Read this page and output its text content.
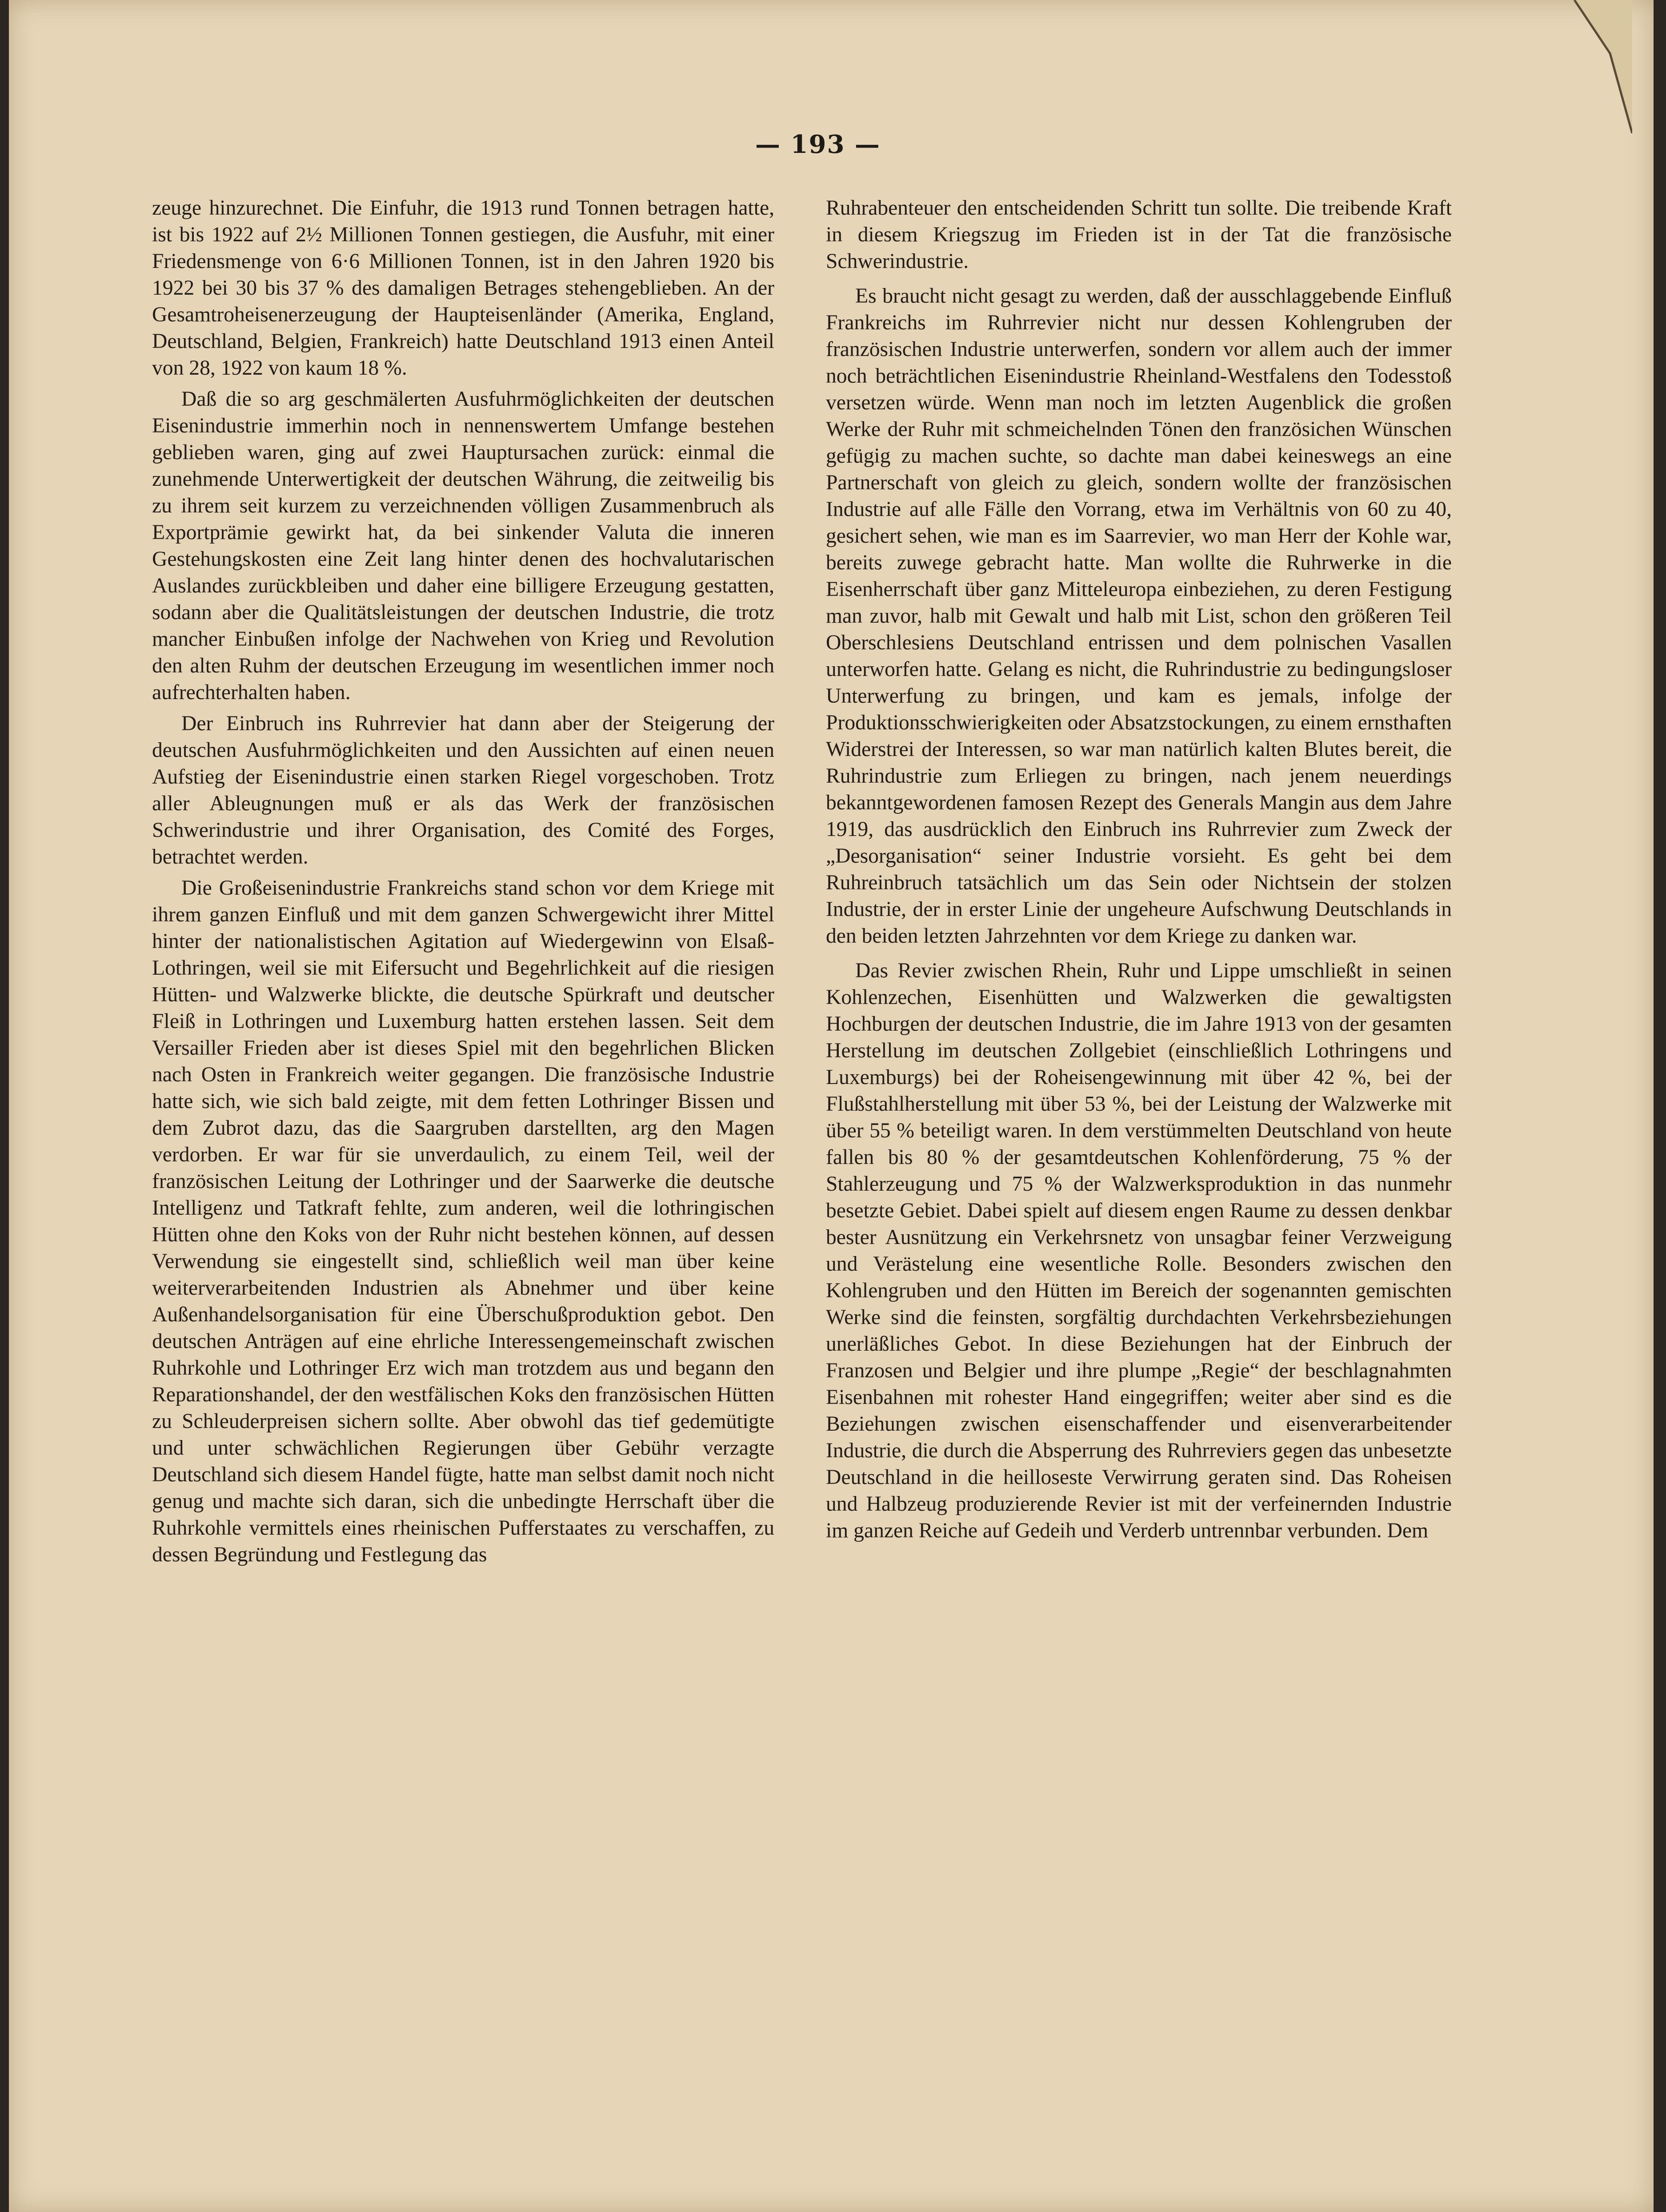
— 193 —

zeuge hinzurechnet. Die Einfuhr, die 1913 rund Tonnen betragen hatte, ist bis 1922 auf 2½ Millionen Tonnen gestiegen, die Ausfuhr, mit einer Friedensmenge von 6·6 Millionen Tonnen, ist in den Jahren 1920 bis 1922 bei 30 bis 37 % des damaligen Betrages stehengeblieben. An der Gesamtroheisenerzeugung der Haupteisenländer (Amerika, England, Deutschland, Belgien, Frankreich) hatte Deutschland 1913 einen Anteil von 28, 1922 von kaum 18 %.

Daß die so arg geschmälerten Ausfuhrmöglichkeiten der deutschen Eisenindustrie immerhin noch in nennenswertem Umfange bestehen geblieben waren, ging auf zwei Hauptursachen zurück: einmal die zunehmende Unterwertigkeit der deutschen Währung, die zeitweilig bis zu ihrem seit kurzem zu verzeichnenden völligen Zusammenbruch als Exportprämie gewirkt hat, da bei sinkender Valuta die inneren Gestehungskosten eine Zeit lang hinter denen des hochvalutarischen Auslandes zurückbleiben und daher eine billigere Erzeugung gestatten, sodann aber die Qualitätsleistungen der deutschen Industrie, die trotz mancher Einbußen infolge der Nachwehen von Krieg und Revolution den alten Ruhm der deutschen Erzeugung im wesentlichen immer noch aufrechterhalten haben.

Der Einbruch ins Ruhrrevier hat dann aber der Steigerung der deutschen Ausfuhrmöglichkeiten und den Aussichten auf einen neuen Aufstieg der Eisenindustrie einen starken Riegel vorgeschoben. Trotz aller Ableugnungen muß er als das Werk der französischen Schwerindustrie und ihrer Organisation, des Comité des Forges, betrachtet werden.

Die Großeisenindustrie Frankreichs stand schon vor dem Kriege mit ihrem ganzen Einfluß und mit dem ganzen Schwergewicht ihrer Mittel hinter der nationalistischen Agitation auf Wiedergewinn von Elsaß-Lothringen, weil sie mit Eifersucht und Begehrlichkeit auf die riesigen Hütten- und Walzwerke blickte, die deutsche Spürkraft und deutscher Fleiß in Lothringen und Luxemburg hatten erstehen lassen. Seit dem Versailler Frieden aber ist dieses Spiel mit den begehrlichen Blicken nach Osten in Frankreich weiter gegangen. Die französische Industrie hatte sich, wie sich bald zeigte, mit dem fetten Lothringer Bissen und dem Zubrot dazu, das die Saargruben darstellten, arg den Magen verdorben. Er war für sie unverdaulich, zu einem Teil, weil der französischen Leitung der Lothringer und der Saarwerke die deutsche Intelligenz und Tatkraft fehlte, zum anderen, weil die lothringischen Hütten ohne den Koks von der Ruhr nicht bestehen können, auf dessen Verwendung sie eingestellt sind, schließlich weil man über keine weiterverarbeitenden Industrien als Abnehmer und über keine Außenhandelsorganisation für eine Überschußproduktion gebot. Den deutschen Anträgen auf eine ehrliche Interessengemeinschaft zwischen Ruhrkohle und Lothringer Erz wich man trotzdem aus und begann den Reparationshandel, der den westfälischen Koks den französischen Hütten zu Schleuderpreisen sichern sollte. Aber obwohl das tief gedemütigte und unter schwächlichen Regierungen über Gebühr verzagte Deutschland sich diesem Handel fügte, hatte man selbst damit noch nicht genug und machte sich daran, sich die unbedingte Herrschaft über die Ruhrkohle vermittels eines rheinischen Pufferstaates zu verschaffen, zu dessen Begründung und Festlegung das

Ruhrabenteuer den entscheidenden Schritt tun sollte. Die treibende Kraft in diesem Kriegszug im Frieden ist in der Tat die französische Schwerindustrie.

Es braucht nicht gesagt zu werden, daß der ausschlaggebende Einfluß Frankreichs im Ruhrrevier nicht nur dessen Kohlengruben der französischen Industrie unterwerfen, sondern vor allem auch der immer noch beträchtlichen Eisenindustrie Rheinland-Westfalens den Todesstoß versetzen würde. Wenn man noch im letzten Augenblick die großen Werke der Ruhr mit schmeichelnden Tönen den französichen Wünschen gefügig zu machen suchte, so dachte man dabei keineswegs an eine Partnerschaft von gleich zu gleich, sondern wollte der französischen Industrie auf alle Fälle den Vorrang, etwa im Verhältnis von 60 zu 40, gesichert sehen, wie man es im Saarrevier, wo man Herr der Kohle war, bereits zuwege gebracht hatte. Man wollte die Ruhrwerke in die Eisenherrschaft über ganz Mitteleuropa einbeziehen, zu deren Festigung man zuvor, halb mit Gewalt und halb mit List, schon den größeren Teil Oberschlesiens Deutschland entrissen und dem polnischen Vasallen unterworfen hatte. Gelang es nicht, die Ruhrindustrie zu bedingungsloser Unterwerfung zu bringen, und kam es jemals, infolge der Produktionsschwierigkeiten oder Absatzstockungen, zu einem ernsthaften Widerstrei der Interessen, so war man natürlich kalten Blutes bereit, die Ruhrindustrie zum Erliegen zu bringen, nach jenem neuerdings bekanntgewordenen famosen Rezept des Generals Mangin aus dem Jahre 1919, das ausdrücklich den Einbruch ins Ruhrrevier zum Zweck der „Desorganisation“ seiner Industrie vorsieht. Es geht bei dem Ruhreinbruch tatsächlich um das Sein oder Nichtsein der stolzen Industrie, der in erster Linie der ungeheure Aufschwung Deutschlands in den beiden letzten Jahrzehnten vor dem Kriege zu danken war.

Das Revier zwischen Rhein, Ruhr und Lippe umschließt in seinen Kohlenzechen, Eisenhütten und Walzwerken die gewaltigsten Hochburgen der deutschen Industrie, die im Jahre 1913 von der gesamten Herstellung im deutschen Zollgebiet (einschließlich Lothringens und Luxemburgs) bei der Roheisengewinnung mit über 42 %, bei der Flußstahlherstellung mit über 53 %, bei der Leistung der Walzwerke mit über 55 % beteiligt waren. In dem verstümmelten Deutschland von heute fallen bis 80 % der gesamtdeutschen Kohlenförderung, 75 % der Stahlerzeugung und 75 % der Walzwerksproduktion in das nunmehr besetzte Gebiet. Dabei spielt auf diesem engen Raume zu dessen denkbar bester Ausnützung ein Verkehrsnetz von unsagbar feiner Verzweigung und Verästelung eine wesentliche Rolle. Besonders zwischen den Kohlengruben und den Hütten im Bereich der sogenannten gemischten Werke sind die feinsten, sorgfältig durchdachten Verkehrsbeziehungen unerläßliches Gebot. In diese Beziehungen hat der Einbruch der Franzosen und Belgier und ihre plumpe „Regie“ der beschlagnahmten Eisenbahnen mit rohester Hand eingegriffen; weiter aber sind es die Beziehungen zwischen eisenschaffender und eisenverarbeitender Industrie, die durch die Absperrung des Ruhrreviers gegen das unbesetzte Deutschland in die heilloseste Verwirrung geraten sind. Das Roheisen und Halbzeug produzierende Revier ist mit der verfeinernden Industrie im ganzen Reiche auf Gedeih und Verderb untrennbar verbunden. Dem
